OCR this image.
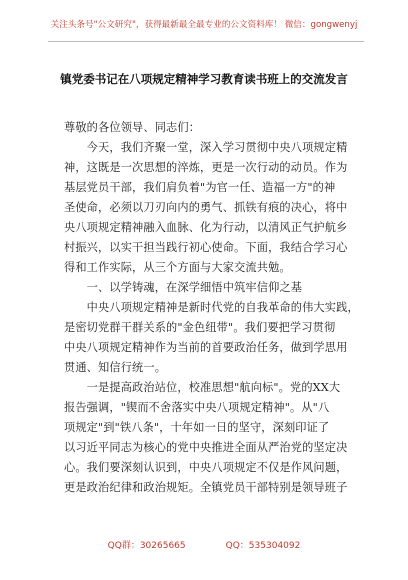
关注头条号"公文研究"，获得最新最全最专业的公文资料库！ 微信：gongwenyj
镇党委书记在八项规定精神学习教育读书班上的交流发言
尊敬的各位领导、同志们：
　　今天，我们齐聚一堂，深入学习贯彻中央八项规定精
神，这既是一次思想的淬炼，更是一次行动的动员。作为
基层党员干部，我们肩负着"为官一任、造福一方"的神
圣使命，必须以刀刃向内的勇气、抓铁有痕的决心，将中
央八项规定精神融入血脉、化为行动，以清风正气护航乡
村振兴，以实干担当践行初心使命。下面，我结合学习心
得和工作实际，从三个方面与大家交流共勉。
　　一、以学铸魂，在深学细悟中筑牢信仰之基
　　中央八项规定精神是新时代党的自我革命的伟大实践，
是密切党群干群关系的"金色纽带"。我们要把学习贯彻
中央八项规定精神作为当前的首要政治任务，做到学思用
贯通、知信行统一。
　　一是提高政治站位，校准思想"航向标"。党的XX大
报告强调，"锲而不舍落实中央八项规定精神"。从"八
项规定"到"铁八条"，十年如一日的坚守，深刻印证了
以习近平同志为核心的党中央推进全面从严治党的坚定决
心。我们要深刻认识到，中央八项规定不仅是作风问题，
更是政治纪律和政治规矩。全镇党员干部特别是领导班子
QQ群：30265665	QQ：535304092
